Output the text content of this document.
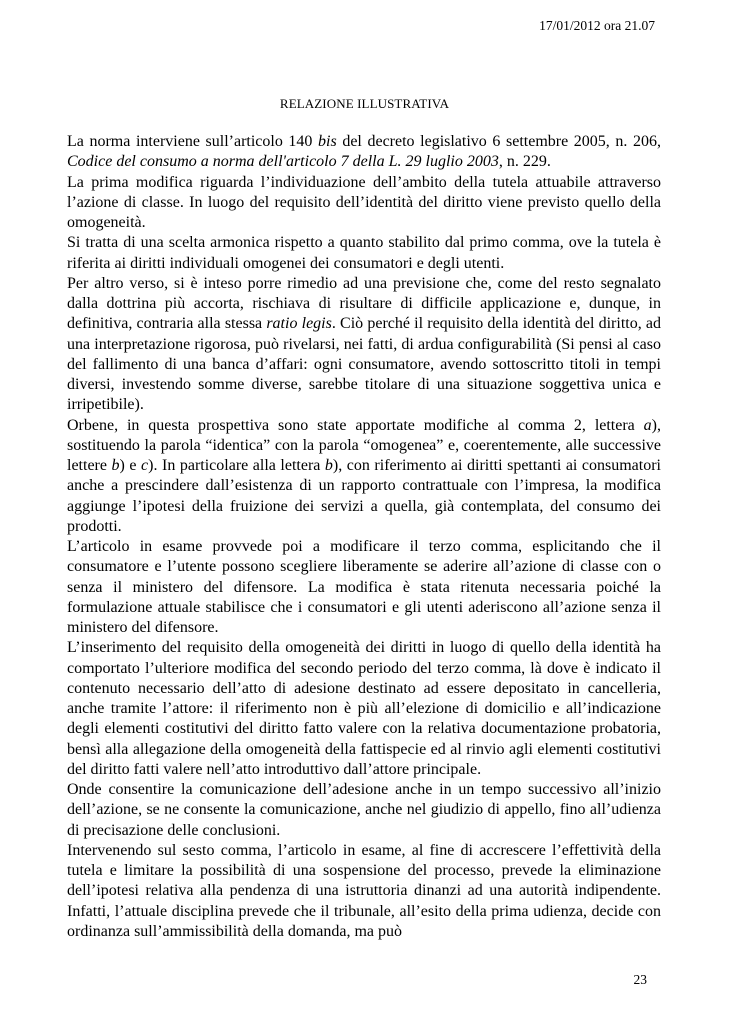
17/01/2012 ora 21.07
RELAZIONE ILLUSTRATIVA

La norma interviene sull’articolo 140 bis del decreto legislativo 6 settembre 2005, n. 206, Codice del consumo a norma dell'articolo 7 della L. 29 luglio 2003, n. 229.

La prima modifica riguarda l’individuazione dell’ambito della tutela attuabile attraverso l’azione di classe. In luogo del requisito dell’identità del diritto viene previsto quello della omogeneità.

Si tratta di una scelta armonica rispetto a quanto stabilito dal primo comma, ove la tutela è riferita ai diritti individuali omogenei dei consumatori e degli utenti.

Per altro verso, si è inteso porre rimedio ad una previsione che, come del resto segnalato dalla dottrina più accorta, rischiava di risultare di difficile applicazione e, dunque, in definitiva, contraria alla stessa ratio legis. Ciò perché il requisito della identità del diritto, ad una interpretazione rigorosa, può rivelarsi, nei fatti, di ardua configurabilità (Si pensi al caso del fallimento di una banca d’affari: ogni consumatore, avendo sottoscritto titoli in tempi diversi, investendo somme diverse, sarebbe titolare di una situazione soggettiva unica e irripetibile).

Orbene, in questa prospettiva sono state apportate modifiche al comma 2, lettera a), sostituendo la parola “identica” con la parola “omogenea” e, coerentemente, alle successive lettere b) e c). In particolare alla lettera b), con riferimento ai diritti spettanti ai consumatori anche a prescindere dall’esistenza di un rapporto contrattuale con l’impresa, la modifica aggiunge l’ipotesi della fruizione dei servizi a quella, già contemplata, del consumo dei prodotti.

L’articolo in esame provvede poi a modificare il terzo comma, esplicitando che il consumatore e l’utente possono scegliere liberamente se aderire all’azione di classe con o senza il ministero del difensore. La modifica è stata ritenuta necessaria poiché la formulazione attuale stabilisce che i consumatori e gli utenti aderiscono all’azione senza il ministero del difensore.

L’inserimento del requisito della omogeneità dei diritti in luogo di quello della identità ha comportato l’ulteriore modifica del secondo periodo del terzo comma, là dove è indicato il contenuto necessario dell’atto di adesione destinato ad essere depositato in cancelleria, anche tramite l’attore: il riferimento non è più all’elezione di domicilio e all’indicazione degli elementi costitutivi del diritto fatto valere con la relativa documentazione probatoria, bensì alla allegazione della omogeneità della fattispecie ed al rinvio agli elementi costitutivi del diritto fatti valere nell’atto introduttivo dall’attore principale.

Onde consentire la comunicazione dell’adesione anche in un tempo successivo all’inizio dell’azione, se ne consente la comunicazione, anche nel giudizio di appello, fino all’udienza di precisazione delle conclusioni.

Intervenendo sul sesto comma, l’articolo in esame, al fine di accrescere l’effettività della tutela e limitare la possibilità di una sospensione del processo, prevede la eliminazione dell’ipotesi relativa alla pendenza di una istruttoria dinanzi ad una autorità indipendente. Infatti, l’attuale disciplina prevede che il tribunale, all’esito della prima udienza, decide con ordinanza sull’ammissibilità della domanda, ma può

23
